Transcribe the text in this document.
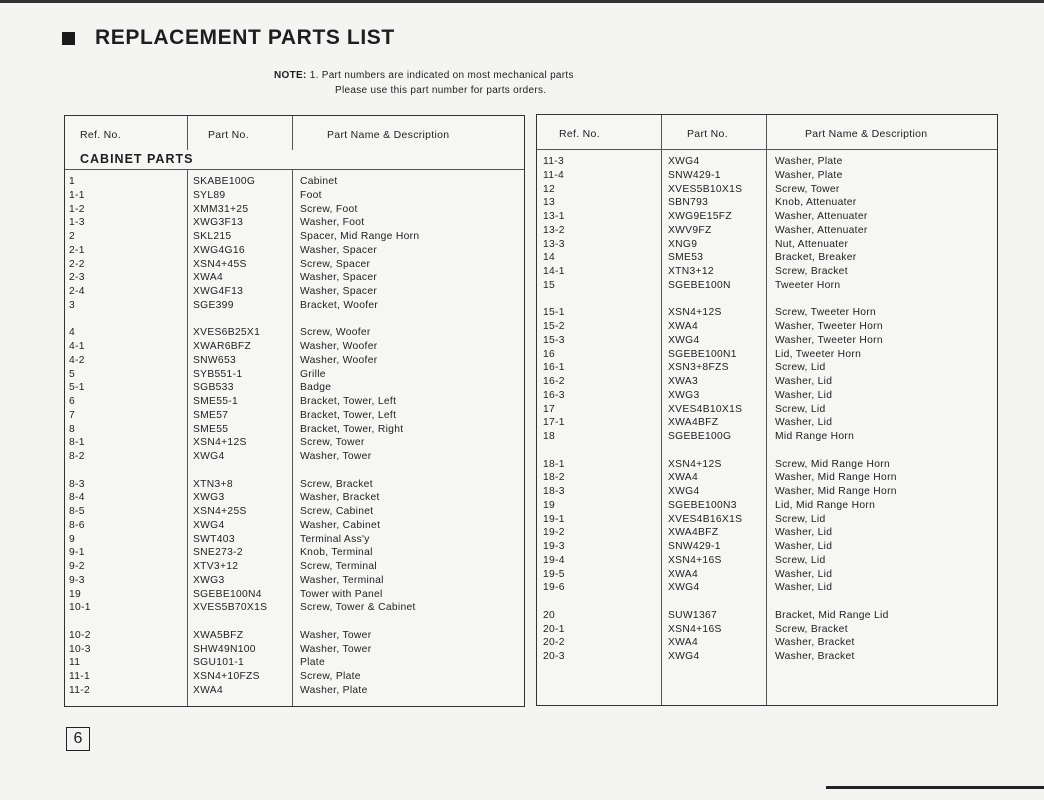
REPLACEMENT PARTS LIST
NOTE: 1. Part numbers are indicated on most mechanical parts
Please use this part number for parts orders.
Ref. No.	Part No.	Part Name & Description
CABINET PARTS
1	SKABE100G	Cabinet
1-1	SYL89	Foot
1-2	XMM31+25	Screw, Foot
1-3	XWG3F13	Washer, Foot
2	SKL215	Spacer, Mid Range Horn
2-1	XWG4G16	Washer, Spacer
2-2	XSN4+45S	Screw, Spacer
2-3	XWA4	Washer, Spacer
2-4	XWG4F13	Washer, Spacer
3	SGE399	Bracket, Woofer
4	XVES6B25X1	Screw, Woofer
4-1	XWAR6BFZ	Washer, Woofer
4-2	SNW653	Washer, Woofer
5	SYB551-1	Grille
5-1	SGB533	Badge
6	SME55-1	Bracket, Tower, Left
7	SME57	Bracket, Tower, Left
8	SME55	Bracket, Tower, Right
8-1	XSN4+12S	Screw, Tower
8-2	XWG4	Washer, Tower
8-3	XTN3+8	Screw, Bracket
8-4	XWG3	Washer, Bracket
8-5	XSN4+25S	Screw, Cabinet
8-6	XWG4	Washer, Cabinet
9	SWT403	Terminal Ass'y
9-1	SNE273-2	Knob, Terminal
9-2	XTV3+12	Screw, Terminal
9-3	XWG3	Washer, Terminal
19	SGEBE100N4	Tower with Panel
10-1	XVES5B70X1S	Screw, Tower & Cabinet
10-2	XWA5BFZ	Washer, Tower
10-3	SHW49N100	Washer, Tower
11	SGU101-1	Plate
11-1	XSN4+10FZS	Screw, Plate
11-2	XWA4	Washer, Plate
Ref. No.	Part No.	Part Name & Description
11-3	XWG4	Washer, Plate
11-4	SNW429-1	Washer, Plate
12	XVES5B10X1S	Screw, Tower
13	SBN793	Knob, Attenuater
13-1	XWG9E15FZ	Washer, Attenuater
13-2	XWV9FZ	Washer, Attenuater
13-3	XNG9	Nut, Attenuater
14	SME53	Bracket, Breaker
14-1	XTN3+12	Screw, Bracket
15	SGEBE100N	Tweeter Horn
15-1	XSN4+12S	Screw, Tweeter Horn
15-2	XWA4	Washer, Tweeter Horn
15-3	XWG4	Washer, Tweeter Horn
16	SGEBE100N1	Lid, Tweeter Horn
16-1	XSN3+8FZS	Screw, Lid
16-2	XWA3	Washer, Lid
16-3	XWG3	Washer, Lid
17	XVES4B10X1S	Screw, Lid
17-1	XWA4BFZ	Washer, Lid
18	SGEBE100G	Mid Range Horn
18-1	XSN4+12S	Screw, Mid Range Horn
18-2	XWA4	Washer, Mid Range Horn
18-3	XWG4	Washer, Mid Range Horn
19	SGEBE100N3	Lid, Mid Range Horn
19-1	XVES4B16X1S	Screw, Lid
19-2	XWA4BFZ	Washer, Lid
19-3	SNW429-1	Washer, Lid
19-4	XSN4+16S	Screw, Lid
19-5	XWA4	Washer, Lid
19-6	XWG4	Washer, Lid
20	SUW1367	Bracket, Mid Range Lid
20-1	XSN4+16S	Screw, Bracket
20-2	XWA4	Washer, Bracket
20-3	XWG4	Washer, Bracket
6
